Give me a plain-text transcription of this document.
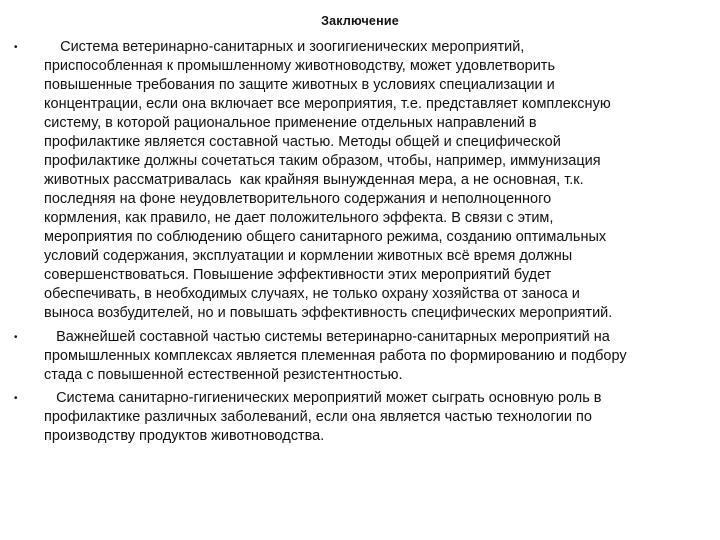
Заключение
• Система ветеринарно-санитарных и зоогигиенических мероприятий,
приспособленная к промышленному животноводству, может удовлетворить
повышенные требования по защите животных в условиях специализации и
концентрации, если она включает все мероприятия, т.е. представляет комплексную
систему, в которой рациональное применение отдельных направлений в
профилактике является составной частью. Методы общей и специфической
профилактике должны сочетаться таким образом, чтобы, например, иммунизация
животных рассматривалась  как крайняя вынужденная мера, а не основная, т.к.
последняя на фоне неудовлетворительного содержания и неполноценного
кормления, как правило, не дает положительного эффекта. В связи с этим,
мероприятия по соблюдению общего санитарного режима, созданию оптимальных
условий содержания, эксплуатации и кормлении животных всё время должны
совершенствоваться. Повышение эффективности этих мероприятий будет
обеспечивать, в необходимых случаях, не только охрану хозяйства от заноса и
выноса возбудителей, но и повышать эффективность специфических мероприятий.
• Важнейшей составной частью системы ветеринарно-санитарных мероприятий на
промышленных комплексах является племенная работа по формированию и подбору
стада с повышенной естественной резистентностью.
• Система санитарно-гигиенических мероприятий может сыграть основную роль в
профилактике различных заболеваний, если она является частью технологии по
производству продуктов животноводства.
